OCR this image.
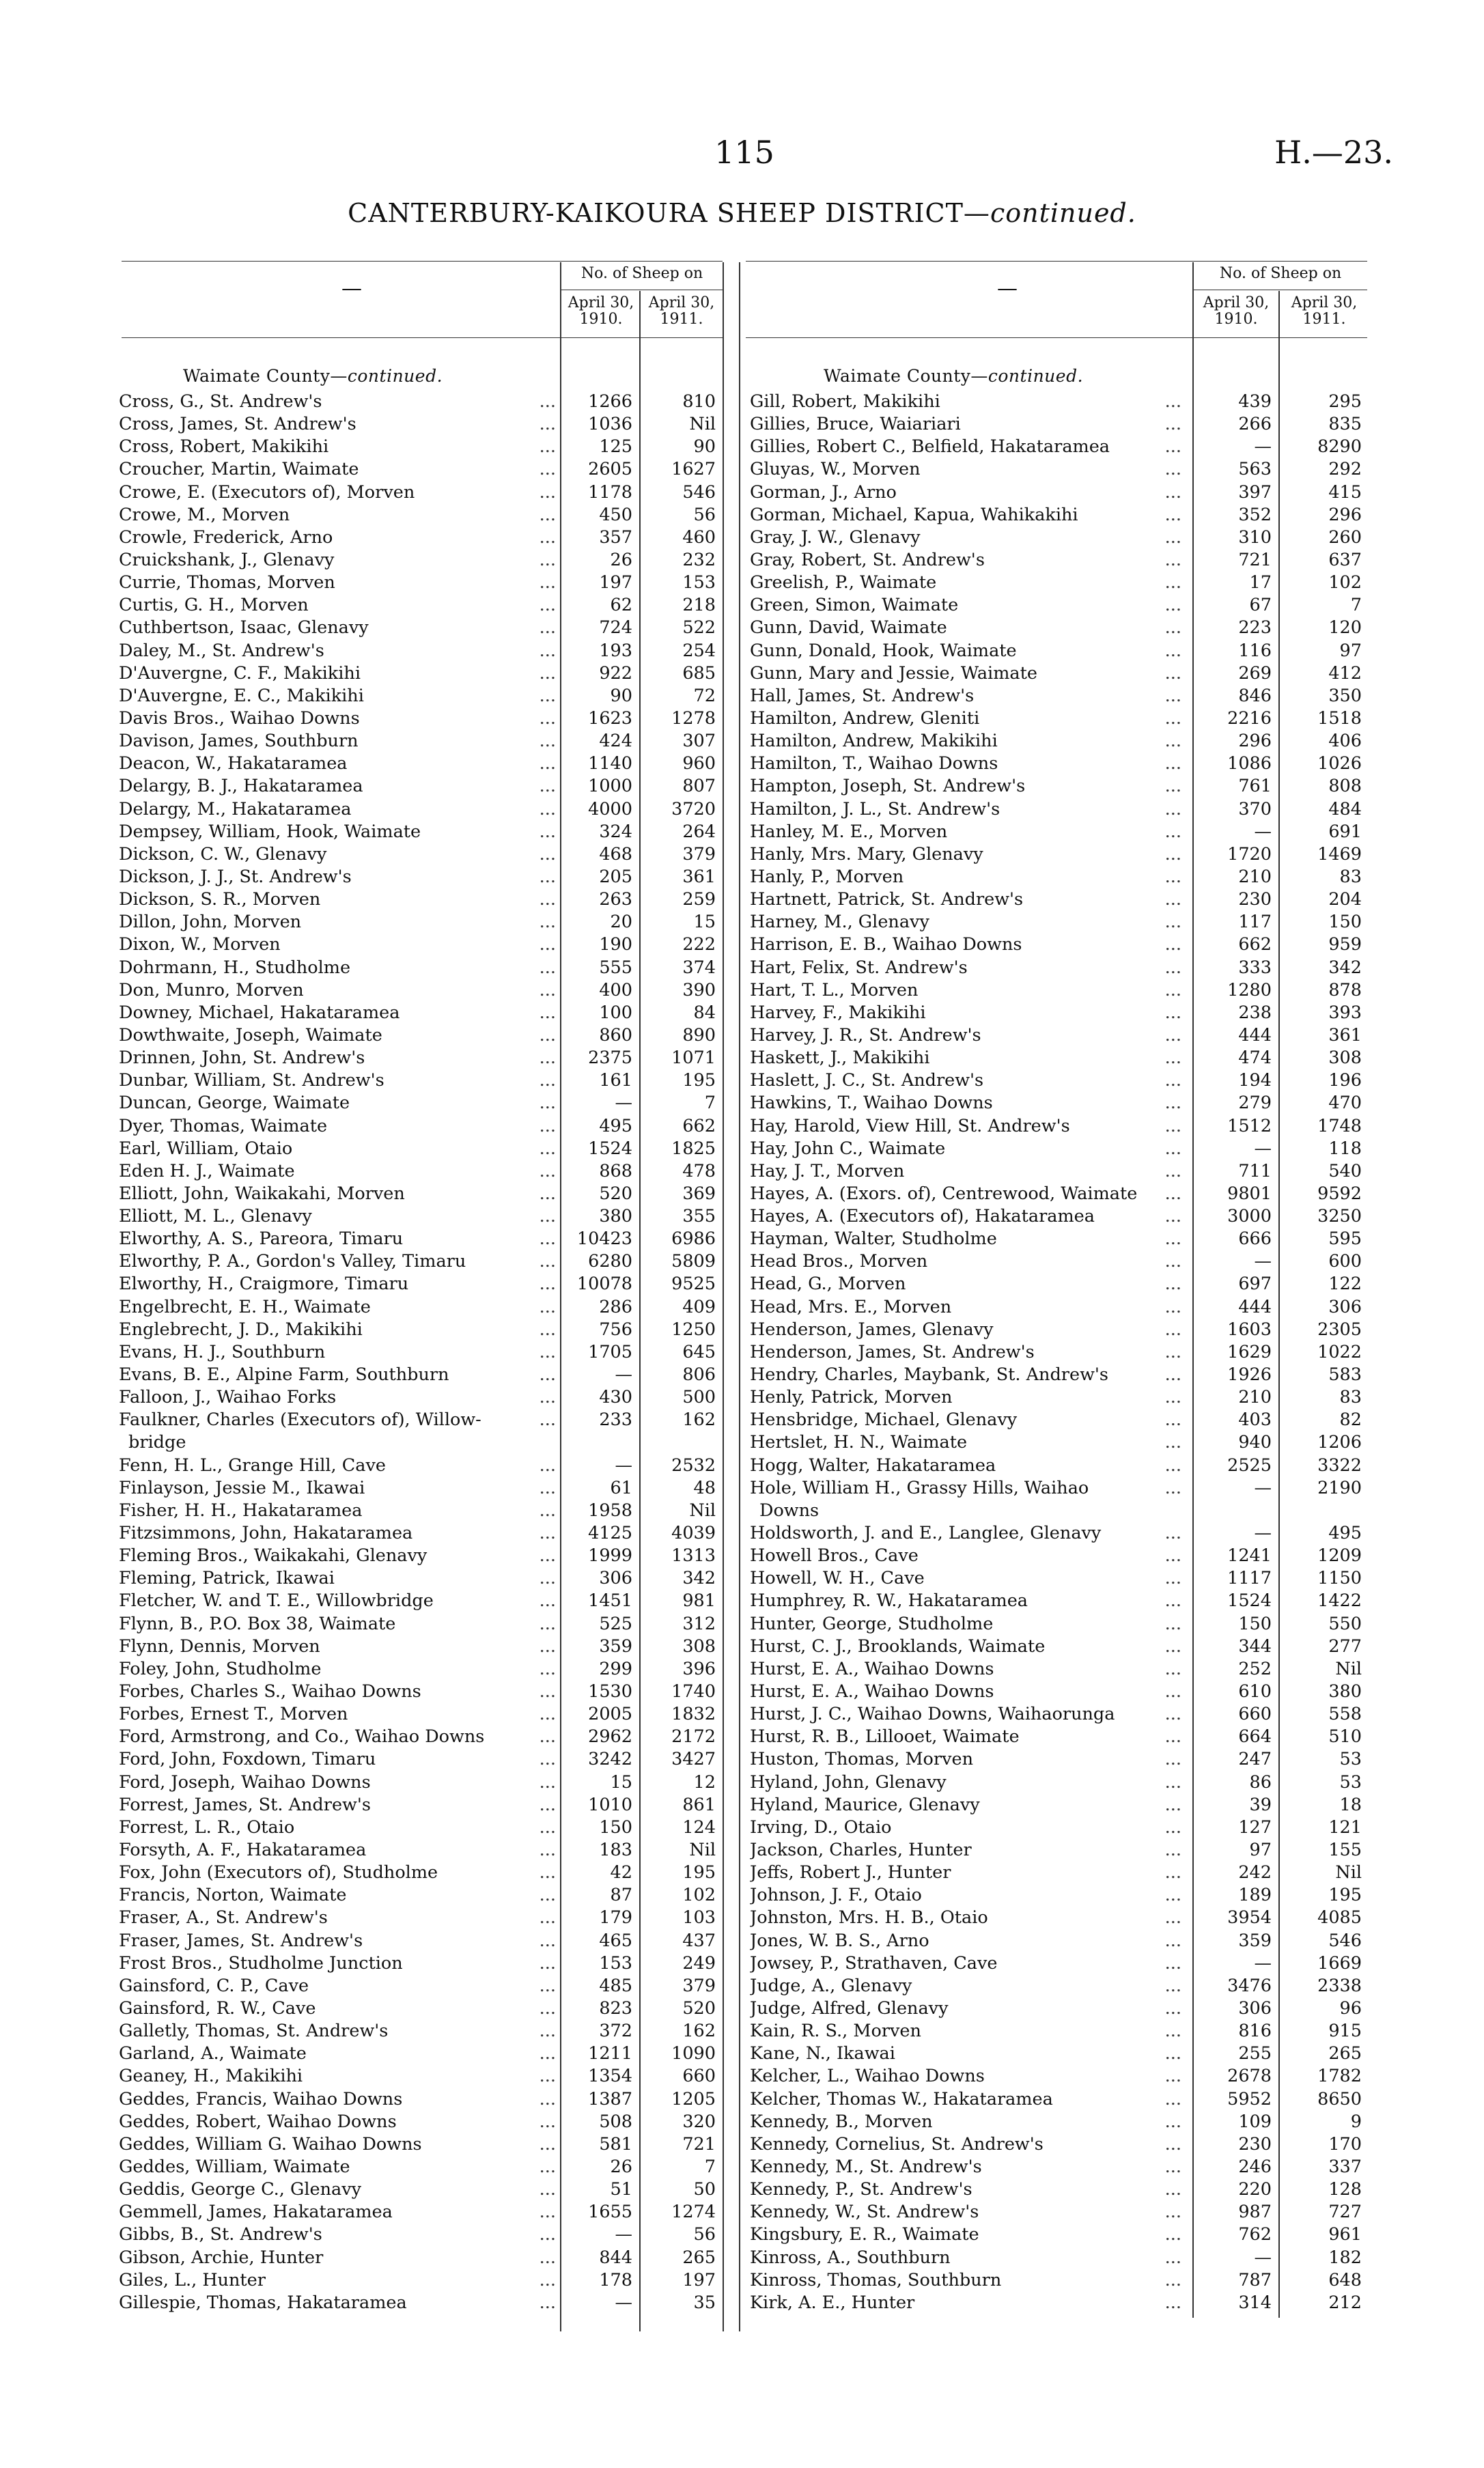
115	H.—23.
CANTERBURY-KAIKOURA SHEEP DISTRICT—continued.
—
No. of Sheep on
April 30, 1910.
April 30, 1911.
—
No. of Sheep on
April 30, 1910.
April 30, 1911.
Waimate County—continued.	Waimate County—continued.
Cross, G., St. Andrew's	...	1266	810
Cross, James, St. Andrew's	...	1036	Nil
Cross, Robert, Makikihi	...	125	90
Croucher, Martin, Waimate	...	2605	1627
Crowe, E. (Executors of), Morven	...	1178	546
Crowe, M., Morven	...	450	56
Crowle, Frederick, Arno	...	357	460
Cruickshank, J., Glenavy	...	26	232
Currie, Thomas, Morven	...	197	153
Curtis, G. H., Morven	...	62	218
Cuthbertson, Isaac, Glenavy	...	724	522
Daley, M., St. Andrew's	...	193	254
D'Auvergne, C. F., Makikihi	...	922	685
D'Auvergne, E. C., Makikihi	...	90	72
Davis Bros., Waihao Downs	...	1623	1278
Davison, James, Southburn	...	424	307
Deacon, W., Hakataramea	...	1140	960
Delargy, B. J., Hakataramea	...	1000	807
Delargy, M., Hakataramea	...	4000	3720
Dempsey, William, Hook, Waimate	...	324	264
Dickson, C. W., Glenavy	...	468	379
Dickson, J. J., St. Andrew's	...	205	361
Dickson, S. R., Morven	...	263	259
Dillon, John, Morven	...	20	15
Dixon, W., Morven	...	190	222
Dohrmann, H., Studholme	...	555	374
Don, Munro, Morven	...	400	390
Downey, Michael, Hakataramea	...	100	84
Dowthwaite, Joseph, Waimate	...	860	890
Drinnen, John, St. Andrew's	...	2375	1071
Dunbar, William, St. Andrew's	...	161	195
Duncan, George, Waimate	...	—	7
Dyer, Thomas, Waimate	...	495	662
Earl, William, Otaio	...	1524	1825
Eden H. J., Waimate	...	868	478
Elliott, John, Waikakahi, Morven	...	520	369
Elliott, M. L., Glenavy	...	380	355
Elworthy, A. S., Pareora, Timaru	...	10423	6986
Elworthy, P. A., Gordon's Valley, Timaru	...	6280	5809
Elworthy, H., Craigmore, Timaru	...	10078	9525
Engelbrecht, E. H., Waimate	...	286	409
Englebrecht, J. D., Makikihi	...	756	1250
Evans, H. J., Southburn	...	1705	645
Evans, B. E., Alpine Farm, Southburn	...	—	806
Falloon, J., Waihao Forks	...	430	500
Faulkner, Charles (Executors of), Willow-	...	233	162
bridge
Fenn, H. L., Grange Hill, Cave	...	—	2532
Finlayson, Jessie M., Ikawai	...	61	48
Fisher, H. H., Hakataramea	...	1958	Nil
Fitzsimmons, John, Hakataramea	...	4125	4039
Fleming Bros., Waikakahi, Glenavy	...	1999	1313
Fleming, Patrick, Ikawai	...	306	342
Fletcher, W. and T. E., Willowbridge	...	1451	981
Flynn, B., P.O. Box 38, Waimate	...	525	312
Flynn, Dennis, Morven	...	359	308
Foley, John, Studholme	...	299	396
Forbes, Charles S., Waihao Downs	...	1530	1740
Forbes, Ernest T., Morven	...	2005	1832
Ford, Armstrong, and Co., Waihao Downs	...	2962	2172
Ford, John, Foxdown, Timaru	...	3242	3427
Ford, Joseph, Waihao Downs	...	15	12
Forrest, James, St. Andrew's	...	1010	861
Forrest, L. R., Otaio	...	150	124
Forsyth, A. F., Hakataramea	...	183	Nil
Fox, John (Executors of), Studholme	...	42	195
Francis, Norton, Waimate	...	87	102
Fraser, A., St. Andrew's	...	179	103
Fraser, James, St. Andrew's	...	465	437
Frost Bros., Studholme Junction	...	153	249
Gainsford, C. P., Cave	...	485	379
Gainsford, R. W., Cave	...	823	520
Galletly, Thomas, St. Andrew's	...	372	162
Garland, A., Waimate	...	1211	1090
Geaney, H., Makikihi	...	1354	660
Geddes, Francis, Waihao Downs	...	1387	1205
Geddes, Robert, Waihao Downs	...	508	320
Geddes, William G. Waihao Downs	...	581	721
Geddes, William, Waimate	...	26	7
Geddis, George C., Glenavy	...	51	50
Gemmell, James, Hakataramea	...	1655	1274
Gibbs, B., St. Andrew's	...	—	56
Gibson, Archie, Hunter	...	844	265
Giles, L., Hunter	...	178	197
Gillespie, Thomas, Hakataramea	...	—	35
Gill, Robert, Makikihi	...	439	295
Gillies, Bruce, Waiariari	...	266	835
Gillies, Robert C., Belfield, Hakataramea	...	—	8290
Gluyas, W., Morven	...	563	292
Gorman, J., Arno	...	397	415
Gorman, Michael, Kapua, Wahikakihi	...	352	296
Gray, J. W., Glenavy	...	310	260
Gray, Robert, St. Andrew's	...	721	637
Greelish, P., Waimate	...	17	102
Green, Simon, Waimate	...	67	7
Gunn, David, Waimate	...	223	120
Gunn, Donald, Hook, Waimate	...	116	97
Gunn, Mary and Jessie, Waimate	...	269	412
Hall, James, St. Andrew's	...	846	350
Hamilton, Andrew, Gleniti	...	2216	1518
Hamilton, Andrew, Makikihi	...	296	406
Hamilton, T., Waihao Downs	...	1086	1026
Hampton, Joseph, St. Andrew's	...	761	808
Hamilton, J. L., St. Andrew's	...	370	484
Hanley, M. E., Morven	...	—	691
Hanly, Mrs. Mary, Glenavy	...	1720	1469
Hanly, P., Morven	...	210	83
Hartnett, Patrick, St. Andrew's	...	230	204
Harney, M., Glenavy	...	117	150
Harrison, E. B., Waihao Downs	...	662	959
Hart, Felix, St. Andrew's	...	333	342
Hart, T. L., Morven	...	1280	878
Harvey, F., Makikihi	...	238	393
Harvey, J. R., St. Andrew's	...	444	361
Haskett, J., Makikihi	...	474	308
Haslett, J. C., St. Andrew's	...	194	196
Hawkins, T., Waihao Downs	...	279	470
Hay, Harold, View Hill, St. Andrew's	...	1512	1748
Hay, John C., Waimate	...	—	118
Hay, J. T., Morven	...	711	540
Hayes, A. (Exors. of), Centrewood, Waimate	...	9801	9592
Hayes, A. (Executors of), Hakataramea	...	3000	3250
Hayman, Walter, Studholme	...	666	595
Head Bros., Morven	...	—	600
Head, G., Morven	...	697	122
Head, Mrs. E., Morven	...	444	306
Henderson, James, Glenavy	...	1603	2305
Henderson, James, St. Andrew's	...	1629	1022
Hendry, Charles, Maybank, St. Andrew's	...	1926	583
Henly, Patrick, Morven	...	210	83
Hensbridge, Michael, Glenavy	...	403	82
Hertslet, H. N., Waimate	...	940	1206
Hogg, Walter, Hakataramea	...	2525	3322
Hole, William H., Grassy Hills, Waihao	...	—	2190
Downs
Holdsworth, J. and E., Langlee, Glenavy	...	—	495
Howell Bros., Cave	...	1241	1209
Howell, W. H., Cave	...	1117	1150
Humphrey, R. W., Hakataramea	...	1524	1422
Hunter, George, Studholme	...	150	550
Hurst, C. J., Brooklands, Waimate	...	344	277
Hurst, E. A., Waihao Downs	...	252	Nil
Hurst, E. A., Waihao Downs	...	610	380
Hurst, J. C., Waihao Downs, Waihaorunga	...	660	558
Hurst, R. B., Lillooet, Waimate	...	664	510
Huston, Thomas, Morven	...	247	53
Hyland, John, Glenavy	...	86	53
Hyland, Maurice, Glenavy	...	39	18
Irving, D., Otaio	...	127	121
Jackson, Charles, Hunter	...	97	155
Jeffs, Robert J., Hunter	...	242	Nil
Johnson, J. F., Otaio	...	189	195
Johnston, Mrs. H. B., Otaio	...	3954	4085
Jones, W. B. S., Arno	...	359	546
Jowsey, P., Strathaven, Cave	...	—	1669
Judge, A., Glenavy	...	3476	2338
Judge, Alfred, Glenavy	...	306	96
Kain, R. S., Morven	...	816	915
Kane, N., Ikawai	...	255	265
Kelcher, L., Waihao Downs	...	2678	1782
Kelcher, Thomas W., Hakataramea	...	5952	8650
Kennedy, B., Morven	...	109	9
Kennedy, Cornelius, St. Andrew's	...	230	170
Kennedy, M., St. Andrew's	...	246	337
Kennedy, P., St. Andrew's	...	220	128
Kennedy, W., St. Andrew's	...	987	727
Kingsbury, E. R., Waimate	...	762	961
Kinross, A., Southburn	...	—	182
Kinross, Thomas, Southburn	...	787	648
Kirk, A. E., Hunter	...	314	212
